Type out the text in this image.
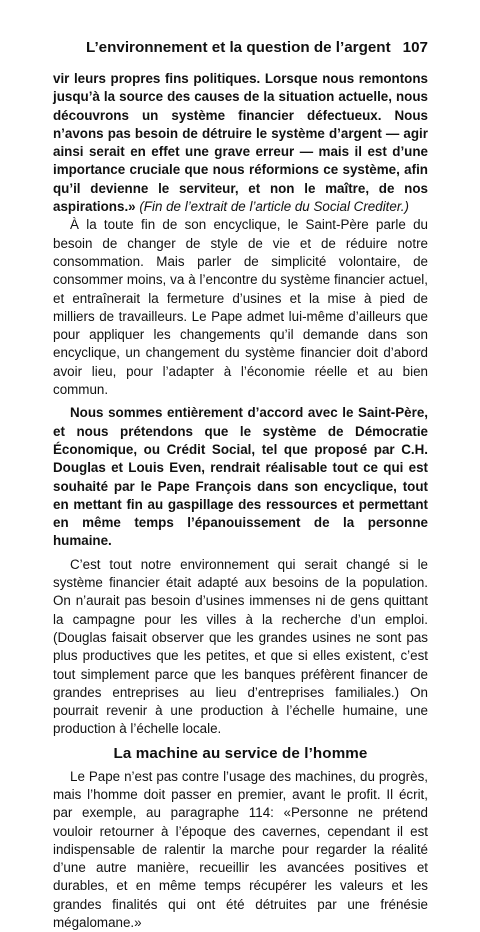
L’environnement et la question de l’argent 107

vir leurs propres fins politiques. Lorsque nous remontons jusqu’à la source des causes de la situation actuelle, nous découvrons un système financier défectueux. Nous n’avons pas besoin de détruire le système d’argent — agir ainsi serait en effet une grave erreur — mais il est d’une importance cruciale que nous réformions ce système, afin qu’il devienne le serviteur, et non le maître, de nos aspirations.» (Fin de l’extrait de l’article du Social Crediter.)

À la toute fin de son encyclique, le Saint-Père parle du besoin de changer de style de vie et de réduire notre consommation. Mais parler de simplicité volontaire, de consommer moins, va à l’encontre du système financier actuel, et entraînerait la fermeture d’usines et la mise à pied de milliers de travailleurs. Le Pape admet lui-même d’ailleurs que pour appliquer les changements qu’il demande dans son encyclique, un changement du système financier doit d’abord avoir lieu, pour l’adapter à l’économie réelle et au bien commun.

Nous sommes entièrement d’accord avec le Saint-Père, et nous prétendons que le système de Démocratie Économique, ou Crédit Social, tel que proposé par C.H. Douglas et Louis Even, rendrait réalisable tout ce qui est souhaité par le Pape François dans son encyclique, tout en mettant fin au gaspillage des ressources et permettant en même temps l’épanouissement de la personne humaine.

C’est tout notre environnement qui serait changé si le système financier était adapté aux besoins de la population. On n’aurait pas besoin d’usines immenses ni de gens quittant la campagne pour les villes à la recherche d’un emploi. (Douglas faisait observer que les grandes usines ne sont pas plus productives que les petites, et que si elles existent, c’est tout simplement parce que les banques préfèrent financer de grandes entreprises au lieu d’entreprises familiales.) On pourrait revenir à une production à l’échelle humaine, une production à l’échelle locale.

La machine au service de l’homme

Le Pape n’est pas contre l’usage des machines, du progrès, mais l’homme doit passer en premier, avant le profit. Il écrit, par exemple, au paragraphe 114: «Personne ne prétend vouloir retourner à l’époque des cavernes, cependant il est indispensable de ralentir la marche pour regarder la réalité d’une autre manière, recueillir les avancées positives et durables, et en même temps récupérer les valeurs et les grandes finalités qui ont été détruites par une frénésie mégalomane.»
